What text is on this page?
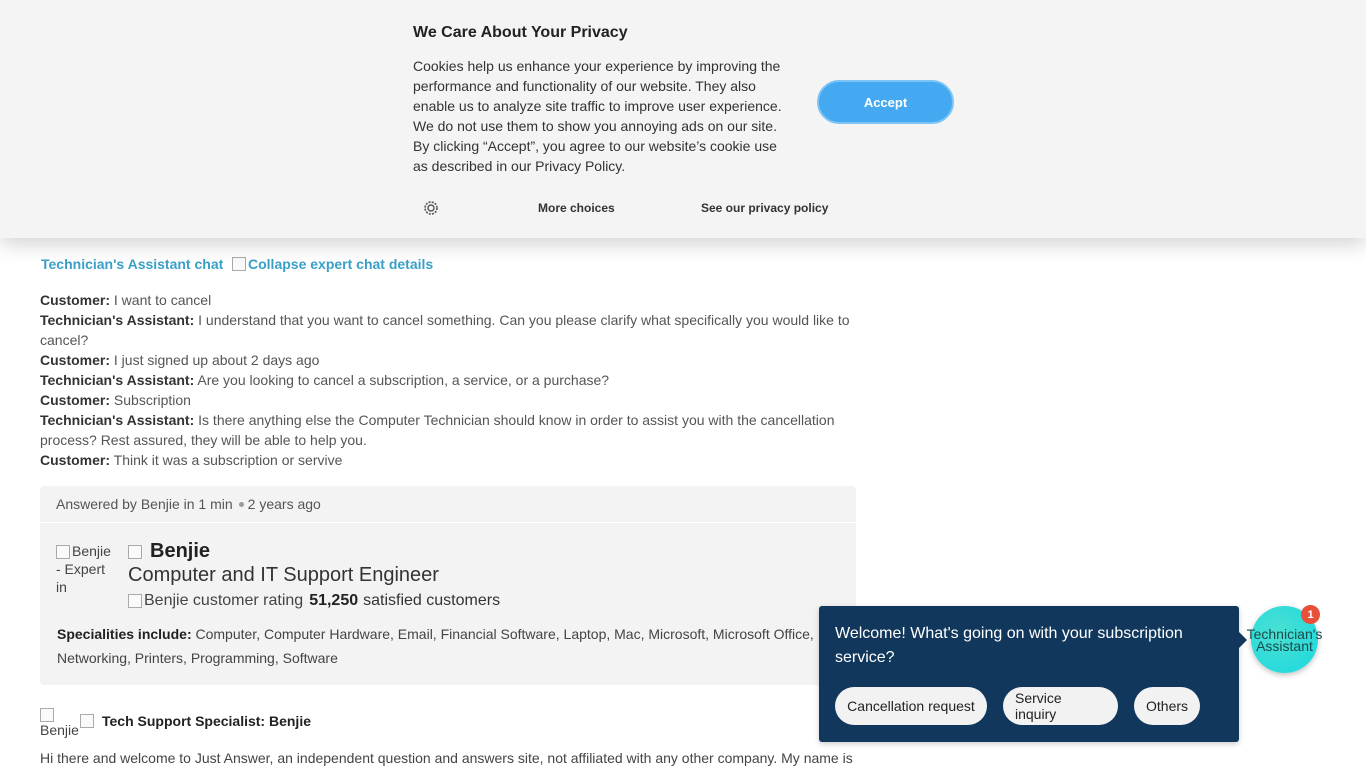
We Care About Your Privacy
Cookies help us enhance your experience by improving the performance and functionality of our website. They also enable us to analyze site traffic to improve user experience. We do not use them to show you annoying ads on our site. By clicking “Accept”, you agree to our website’s cookie use as described in our Privacy Policy.
Accept
More choices	See our privacy policy
Technician's Assistant chat Collapse expert chat details
Customer: I want to cancel
Technician's Assistant: I understand that you want to cancel something. Can you please clarify what specifically you would like to cancel?
Customer: I just signed up about 2 days ago
Technician's Assistant: Are you looking to cancel a subscription, a service, or a purchase?
Customer: Subscription
Technician's Assistant: Is there anything else the Computer Technician should know in order to assist you with the cancellation process? Rest assured, they will be able to help you.
Customer: Think it was a subscription or servive
Answered by Benjie in 1 min 2 years ago
Benjie - Expert in
Benjie
Computer and IT Support Engineer
Benjie customer rating 51,250 satisfied customers
Specialities include: Computer, Computer Hardware, Email, Financial Software, Laptop, Mac, Microsoft, Microsoft Office, Networking, Printers, Programming, Software
Benjie
Tech Support Specialist: Benjie
Hi there and welcome to Just Answer, an independent question and answers site, not affiliated with any other company. My name is
Welcome! What's going on with your subscription service?
Cancellation request	Service inquiry	Others
Technician's Assistant
1
